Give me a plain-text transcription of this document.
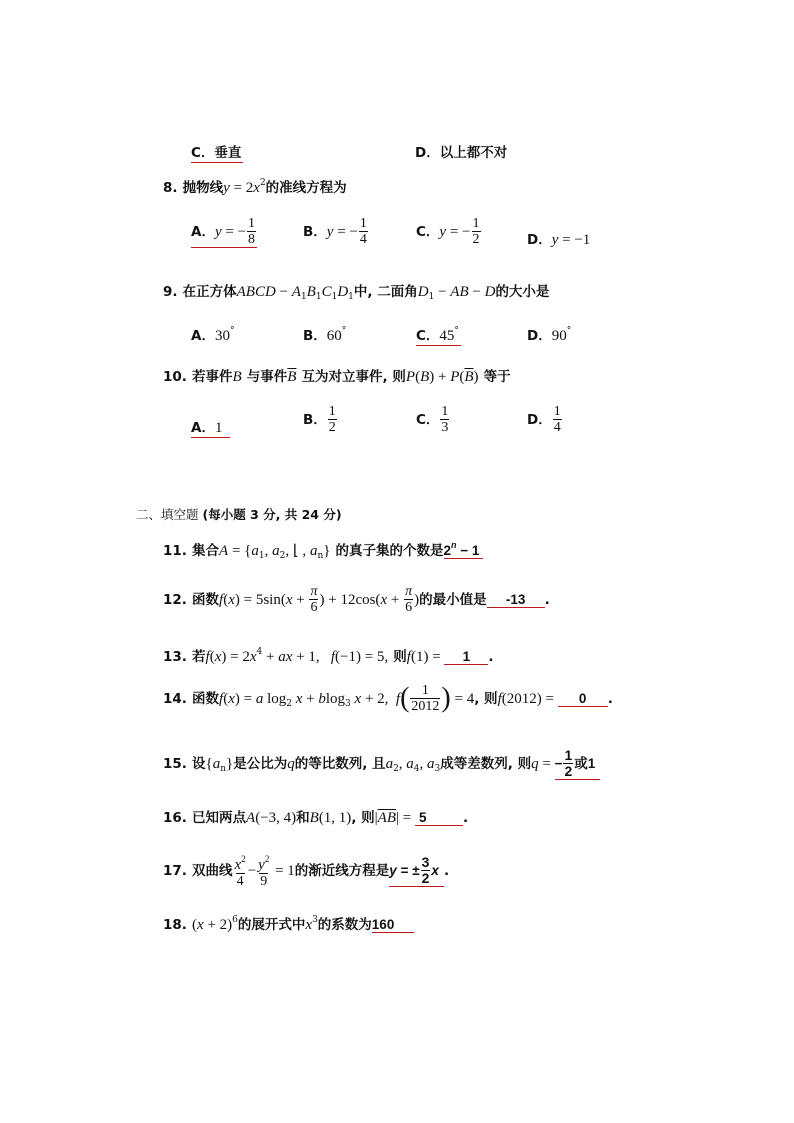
C．垂直	D．以上都不对
8. 抛物线$y = 2x^2$的准线方程为
A．y = − $\frac{1}{8}$	B．y = − $\frac{1}{4}$	C．y = − $\frac{1}{2}$	D．y = −1
9. 在正方体ABCD − $A_1B_1C_1D_1$中, 二面角$D_1$ − AB − D的大小是
A．30°	B．60°	C．45°	D．90°
10. 若事件B 与事件$\overline{B}$ 互为对立事件, 则$P(B) + P(\overline{B})$ 等于
A．1	B． $\frac{1}{2}$	C． $\frac{1}{3}$	D． $\frac{1}{4}$
二、填空题 (每小题 3 分, 共 24 分)
11. 集合$A = \{a_1$, $a_2$, ⌊ , $a_n$} 的真子集的个数是$2^n - 1$
12. 函数$f(x) = 5\sin(x + \frac{\pi}{6}$ ) + $12\cos(x + \frac{\pi}{6}$ )的最小值是 -13 .
13. 若$f(x) = 2x^4$ + ax + 1,   f(−1) = 5, 则f(1) = 1 .
14. 函数f(x) = a $\log_2 x + blog_3$ x + 2,  $f( \frac{1}{2012}$ ) = 4, 则f(2012) = 0 .
15. 设$\{a_n\}$是公比为q的等比数列, 且$a_2$, $a_4$, $a_3$成等差数列, 则q = − $\frac{1}{2}$ 或1
16. 已知两点A(−3, 4)和B(1, 1), 则$|\overline{AB}| = 5$	.
17. 双曲线 $\frac{x^2}{4} - \frac{y^2}{9} = 1$的渐近线方程是y = ± $\frac{3}{2}$ x .
18. $(x + 2)^6$的展开式中$x^3$的系数为160
